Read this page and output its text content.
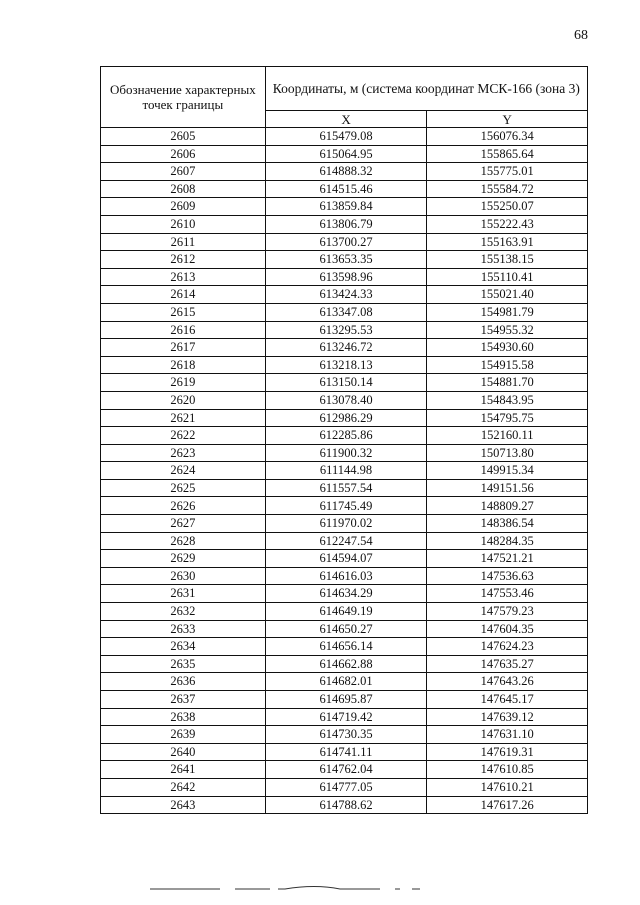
68
Обозначение характерных точек границы	Координаты, м (система координат МСК-166 (зона 3)	
	X	Y
2605	615479.08	156076.34
2606	615064.95	155865.64
2607	614888.32	155775.01
2608	614515.46	155584.72
2609	613859.84	155250.07
2610	613806.79	155222.43
2611	613700.27	155163.91
2612	613653.35	155138.15
2613	613598.96	155110.41
2614	613424.33	155021.40
2615	613347.08	154981.79
2616	613295.53	154955.32
2617	613246.72	154930.60
2618	613218.13	154915.58
2619	613150.14	154881.70
2620	613078.40	154843.95
2621	612986.29	154795.75
2622	612285.86	152160.11
2623	611900.32	150713.80
2624	611144.98	149915.34
2625	611557.54	149151.56
2626	611745.49	148809.27
2627	611970.02	148386.54
2628	612247.54	148284.35
2629	614594.07	147521.21
2630	614616.03	147536.63
2631	614634.29	147553.46
2632	614649.19	147579.23
2633	614650.27	147604.35
2634	614656.14	147624.23
2635	614662.88	147635.27
2636	614682.01	147643.26
2637	614695.87	147645.17
2638	614719.42	147639.12
2639	614730.35	147631.10
2640	614741.11	147619.31
2641	614762.04	147610.85
2642	614777.05	147610.21
2643	614788.62	147617.26
